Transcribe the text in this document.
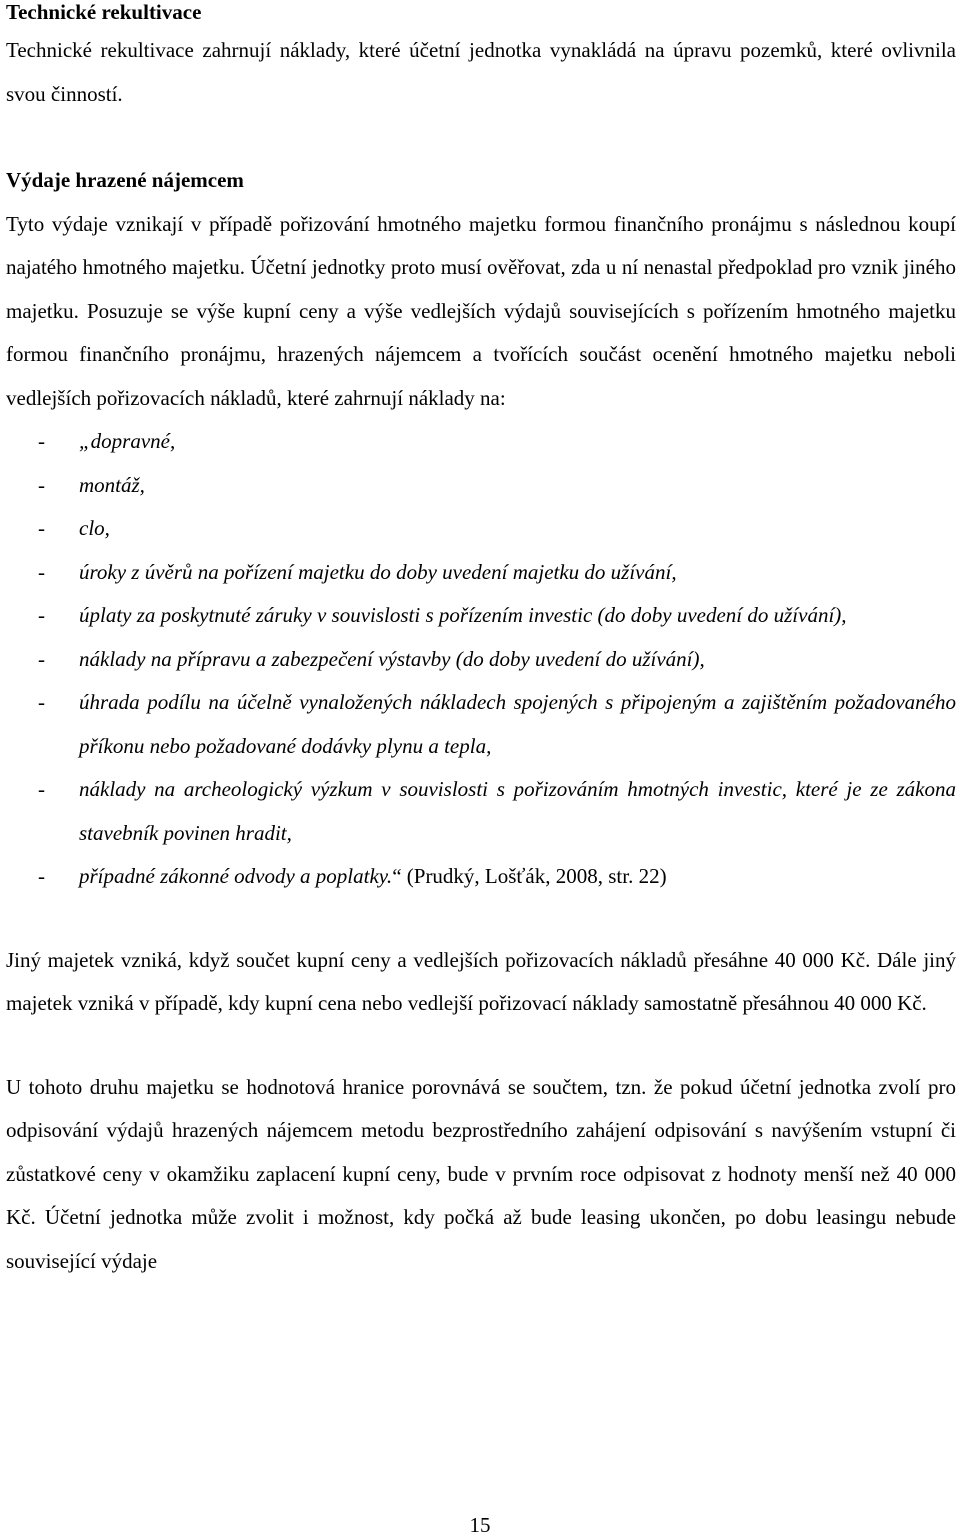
Technické rekultivace

Technické rekultivace zahrnují náklady, které účetní jednotka vynakládá na úpravu pozemků, které ovlivnila svou činností.

Výdaje hrazené nájemcem

Tyto výdaje vznikají v případě pořizování hmotného majetku formou finančního pronájmu s následnou koupí najatého hmotného majetku. Účetní jednotky proto musí ověřovat, zda u ní nenastal předpoklad pro vznik jiného majetku. Posuzuje se výše kupní ceny a výše vedlejších výdajů souvisejících s pořízením hmotného majetku formou finančního pronájmu, hrazených nájemcem a tvořících součást ocenění hmotného majetku neboli vedlejších pořizovacích nákladů, které zahrnují náklady na:

- „dopravné,
- montáž,
- clo,
- úroky z úvěrů na pořízení majetku do doby uvedení majetku do užívání,
- úplaty za poskytnuté záruky v souvislosti s pořízením investic (do doby uvedení do užívání),
- náklady na přípravu a zabezpečení výstavby (do doby uvedení do užívání),
- úhrada podílu na účelně vynaložených nákladech spojených s připojeným a zajištěním požadovaného příkonu nebo požadované dodávky plynu a tepla,
- náklady na archeologický výzkum v souvislosti s pořizováním hmotných investic, které je ze zákona stavebník povinen hradit,
- případné zákonné odvody a poplatky.“ (Prudký, Lošťák, 2008, str. 22)

Jiný majetek vzniká, když součet kupní ceny a vedlejších pořizovacích nákladů přesáhne 40 000 Kč. Dále jiný majetek vzniká v případě, kdy kupní cena nebo vedlejší pořizovací náklady samostatně přesáhnou 40 000 Kč.

U tohoto druhu majetku se hodnotová hranice porovnává se součtem, tzn. že pokud účetní jednotka zvolí pro odpisování výdajů hrazených nájemcem metodu bezprostředního zahájení odpisování s navýšením vstupní či zůstatkové ceny v okamžiku zaplacení kupní ceny, bude v prvním roce odpisovat z hodnoty menší než 40 000 Kč. Účetní jednotka může zvolit i možnost, kdy počká až bude leasing ukončen, po dobu leasingu nebude související výdaje

15
